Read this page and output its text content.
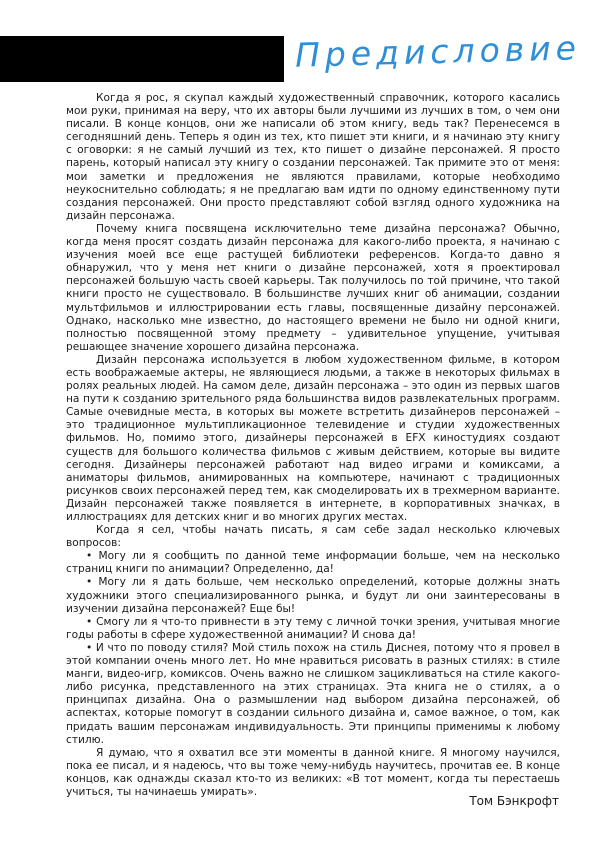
Предисловие

Когда я рос, я скупал каждый художественный справочник, которого касались мои руки, принимая на веру, что их авторы были лучшими из лучших в том, о чем они писали. В конце концов, они же написали об этом книгу, ведь так? Перенесемся в сегодняшний день. Теперь я один из тех, кто пишет эти книги, и я начинаю эту книгу с оговорки: я не самый лучший из тех, кто пишет о дизайне персонажей. Я просто парень, который написал эту книгу о создании персонажей. Так примите это от меня: мои заметки и предложения не являются правилами, которые необходимо неукоснительно соблюдать; я не предлагаю вам идти по одному единственному пути создания персонажей. Они просто представляют собой взгляд одного художника на дизайн персонажа.

Почему книга посвящена исключительно теме дизайна персонажа? Обычно, когда меня просят создать дизайн персонажа для какого-либо проекта, я начинаю с изучения моей все еще растущей библиотеки референсов. Когда-то давно я обнаружил, что у меня нет книги о дизайне персонажей, хотя я проектировал персонажей большую часть своей карьеры. Так получилось по той причине, что такой книги просто не существовало. В большинстве лучших книг об анимации, создании мультфильмов и иллюстрировании есть главы, посвященные дизайну персонажей. Однако, насколько мне известно, до настоящего времени не было ни одной книги, полностью посвященной этому предмету – удивительное упущение, учитывая решающее значение хорошего дизайна персонажа.

Дизайн персонажа используется в любом художественном фильме, в котором есть воображаемые актеры, не являющиеся людьми, а также в некоторых фильмах в ролях реальных людей. На самом деле, дизайн персонажа – это один из первых шагов на пути к созданию зрительного ряда большинства видов развлекательных программ. Самые очевидные места, в которых вы можете встретить дизайнеров персонажей – это традиционное мультипликационное телевидение и студии художественных фильмов. Но, помимо этого, дизайнеры персонажей в EFX киностудиях создают существ для большого количества фильмов с живым действием, которые вы видите сегодня. Дизайнеры персонажей работают над видео играми и комиксами, а аниматоры фильмов, анимированных на компьютере, начинают с традиционных рисунков своих персонажей перед тем, как смоделировать их в трехмерном варианте. Дизайн персонажей также появляется в интернете, в корпоративных значках, в иллюстрациях для детских книг и во многих других местах.

Когда я сел, чтобы начать писать, я сам себе задал несколько ключевых вопросов:

• Могу ли я сообщить по данной теме информации больше, чем на несколько страниц книги по анимации? Определенно, да!

• Могу ли я дать больше, чем несколько определений, которые должны знать художники этого специализированного рынка, и будут ли они заинтересованы в изучении дизайна персонажей? Еще бы!

• Смогу ли я что-то привнести в эту тему с личной точки зрения, учитывая многие годы работы в сфере художественной анимации? И снова да!

• И что по поводу стиля? Мой стиль похож на стиль Диснея, потому что я провел в этой компании очень много лет. Но мне нравиться рисовать в разных стилях: в стиле манги, видео-игр, комиксов. Очень важно не слишком зацикливаться на стиле какого-либо рисунка, представленного на этих страницах. Эта книга не о стилях, а о принципах дизайна. Она о размышлении над выбором дизайна персонажей, об аспектах, которые помогут в создании сильного дизайна и, самое важное, о том, как придать вашим персонажам индивидуальность. Эти принципы применимы к любому стилю.

Я думаю, что я охватил все эти моменты в данной книге. Я многому научился, пока ее писал, и я надеюсь, что вы тоже чему-нибудь научитесь, прочитав ее. В конце концов, как однажды сказал кто-то из великих: «В тот момент, когда ты перестаешь учиться, ты начинаешь умирать».

Том Бэнкрофт
